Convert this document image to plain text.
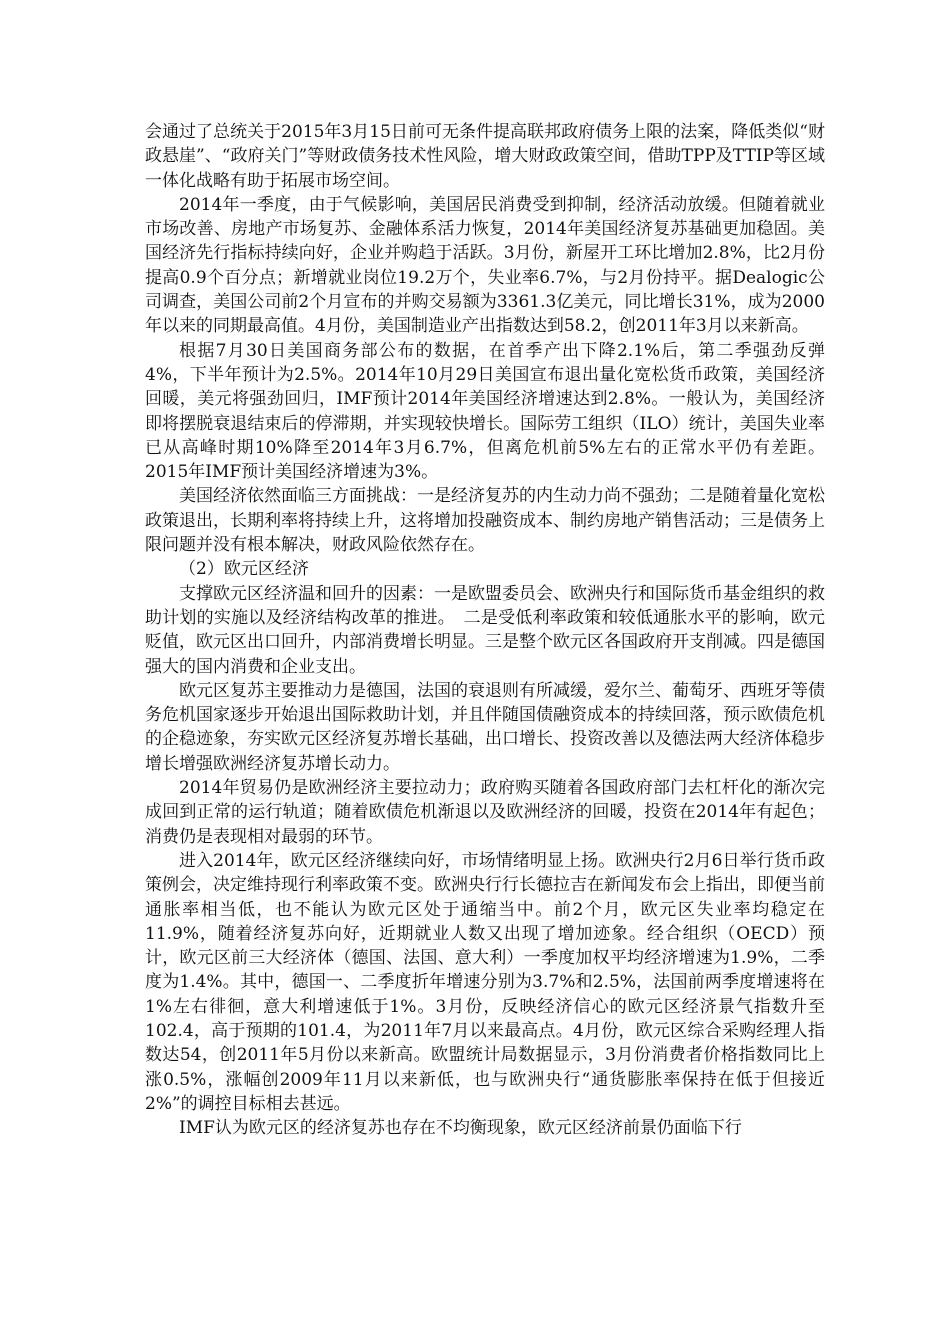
会通过了总统关于2015年3月15日前可无条件提高联邦政府债务上限的法案，降低类似“财政悬崖”、“政府关门”等财政债务技术性风险，增大财政政策空间，借助TPP及TTIP等区域一体化战略有助于拓展市场空间。

2014年一季度，由于气候影响，美国居民消费受到抑制，经济活动放缓。但随着就业市场改善、房地产市场复苏、金融体系活力恢复，2014年美国经济复苏基础更加稳固。美国经济先行指标持续向好，企业并购趋于活跃。3月份，新屋开工环比增加2.8%，比2月份提高0.9个百分点；新增就业岗位19.2万个，失业率6.7%，与2月份持平。据Dealogic公司调查，美国公司前2个月宣布的并购交易额为3361.3亿美元，同比增长31%，成为2000年以来的同期最高值。4月份，美国制造业产出指数达到58.2，创2011年3月以来新高。

根据7月30日美国商务部公布的数据，在首季产出下降2.1%后，第二季强劲反弹4%，下半年预计为2.5%。2014年10月29日美国宣布退出量化宽松货币政策，美国经济回暖，美元将强劲回归，IMF预计2014年美国经济增速达到2.8%。一般认为，美国经济即将摆脱衰退结束后的停滞期，并实现较快增长。国际劳工组织（ILO）统计，美国失业率已从高峰时期10%降至2014年3月6.7%，但离危机前5%左右的正常水平仍有差距。2015年IMF预计美国经济增速为3%。

美国经济依然面临三方面挑战：一是经济复苏的内生动力尚不强劲；二是随着量化宽松政策退出，长期利率将持续上升，这将增加投融资成本、制约房地产销售活动；三是债务上限问题并没有根本解决，财政风险依然存在。

（2）欧元区经济

支撑欧元区经济温和回升的因素：一是欧盟委员会、欧洲央行和国际货币基金组织的救助计划的实施以及经济结构改革的推进。　二是受低利率政策和较低通胀水平的影响，欧元贬值，欧元区出口回升，内部消费增长明显。三是整个欧元区各国政府开支削减。四是德国强大的国内消费和企业支出。

欧元区复苏主要推动力是德国，法国的衰退则有所减缓，爱尔兰、葡萄牙、西班牙等债务危机国家逐步开始退出国际救助计划，并且伴随国债融资成本的持续回落，预示欧债危机的企稳迹象，夯实欧元区经济复苏增长基础，出口增长、投资改善以及德法两大经济体稳步增长增强欧洲经济复苏增长动力。

2014年贸易仍是欧洲经济主要拉动力；政府购买随着各国政府部门去杠杆化的渐次完成回到正常的运行轨道；随着欧债危机渐退以及欧洲经济的回暖，投资在2014年有起色；消费仍是表现相对最弱的环节。

进入2014年，欧元区经济继续向好，市场情绪明显上扬。欧洲央行2月6日举行货币政策例会，决定维持现行利率政策不变。欧洲央行行长德拉吉在新闻发布会上指出，即便当前通胀率相当低，也不能认为欧元区处于通缩当中。前2个月，欧元区失业率均稳定在11.9%，随着经济复苏向好，近期就业人数又出现了增加迹象。经合组织（OECD）预计，欧元区前三大经济体（德国、法国、意大利）一季度加权平均经济增速为1.9%，二季度为1.4%。其中，德国一、二季度折年增速分别为3.7%和2.5%，法国前两季度增速将在1%左右徘徊，意大利增速低于1%。3月份，反映经济信心的欧元区经济景气指数升至102.4，高于预期的101.4，为2011年7月以来最高点。4月份，欧元区综合采购经理人指数达54，创2011年5月份以来新高。欧盟统计局数据显示，3月份消费者价格指数同比上涨0.5%，涨幅创2009年11月以来新低，也与欧洲央行“通货膨胀率保持在低于但接近2%”的调控目标相去甚远。

IMF认为欧元区的经济复苏也存在不均衡现象，欧元区经济前景仍面临下行
